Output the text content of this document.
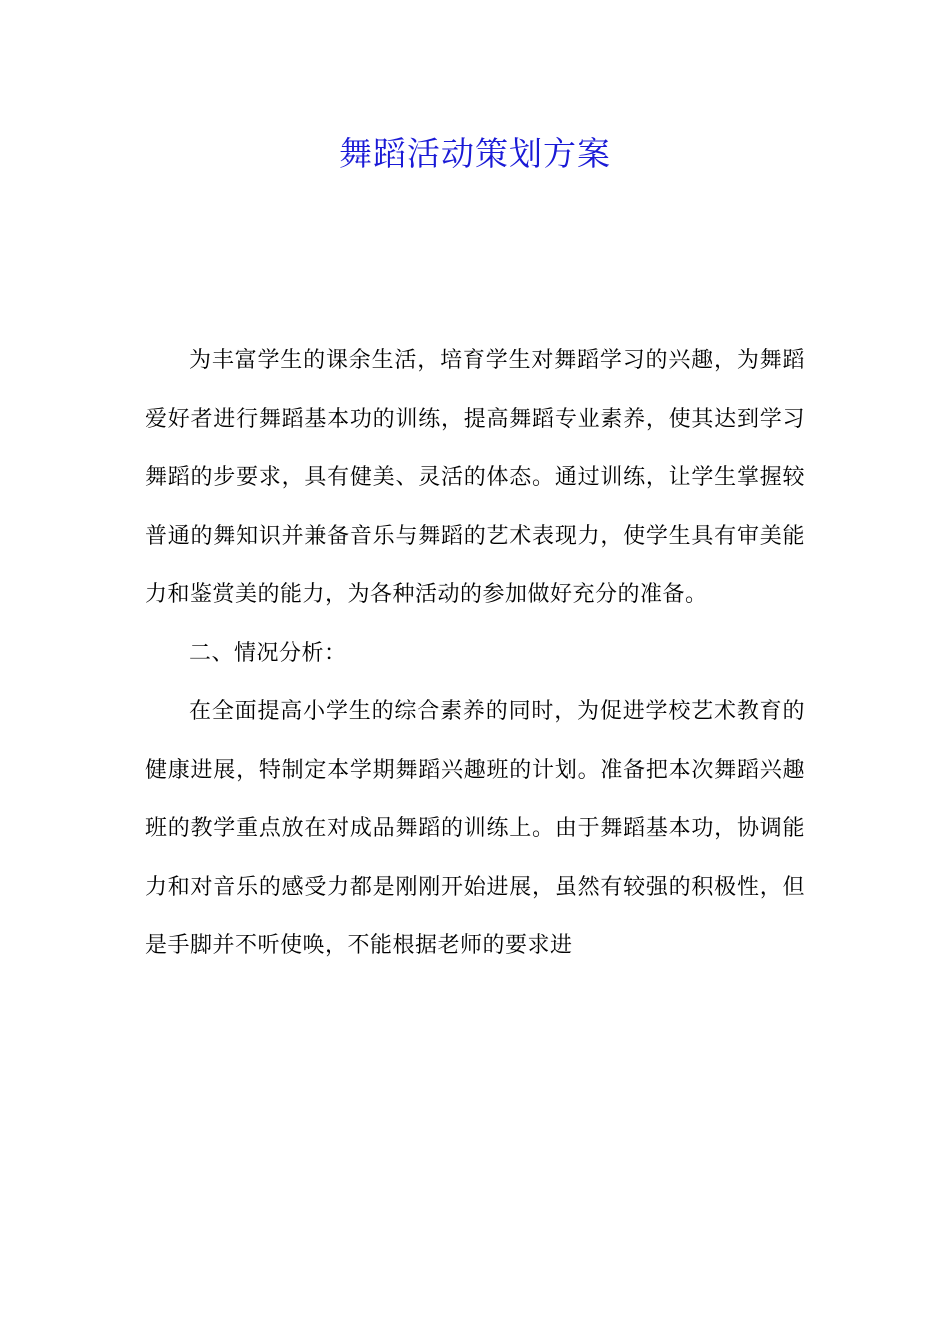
舞蹈活动策划方案

为丰富学生的课余生活，培育学生对舞蹈学习的兴趣，为舞蹈爱好者进行舞蹈基本功的训练，提高舞蹈专业素养，使其达到学习舞蹈的步要求，具有健美、灵活的体态。通过训练，让学生掌握较普通的舞知识并兼备音乐与舞蹈的艺术表现力，使学生具有审美能力和鉴赏美的能力，为各种活动的参加做好充分的准备。

二、情况分析：

在全面提高小学生的综合素养的同时，为促进学校艺术教育的健康进展，特制定本学期舞蹈兴趣班的计划。准备把本次舞蹈兴趣班的教学重点放在对成品舞蹈的训练上。由于舞蹈基本功，协调能力和对音乐的感受力都是刚刚开始进展，虽然有较强的积极性，但是手脚并不听使唤，不能根据老师的要求进
